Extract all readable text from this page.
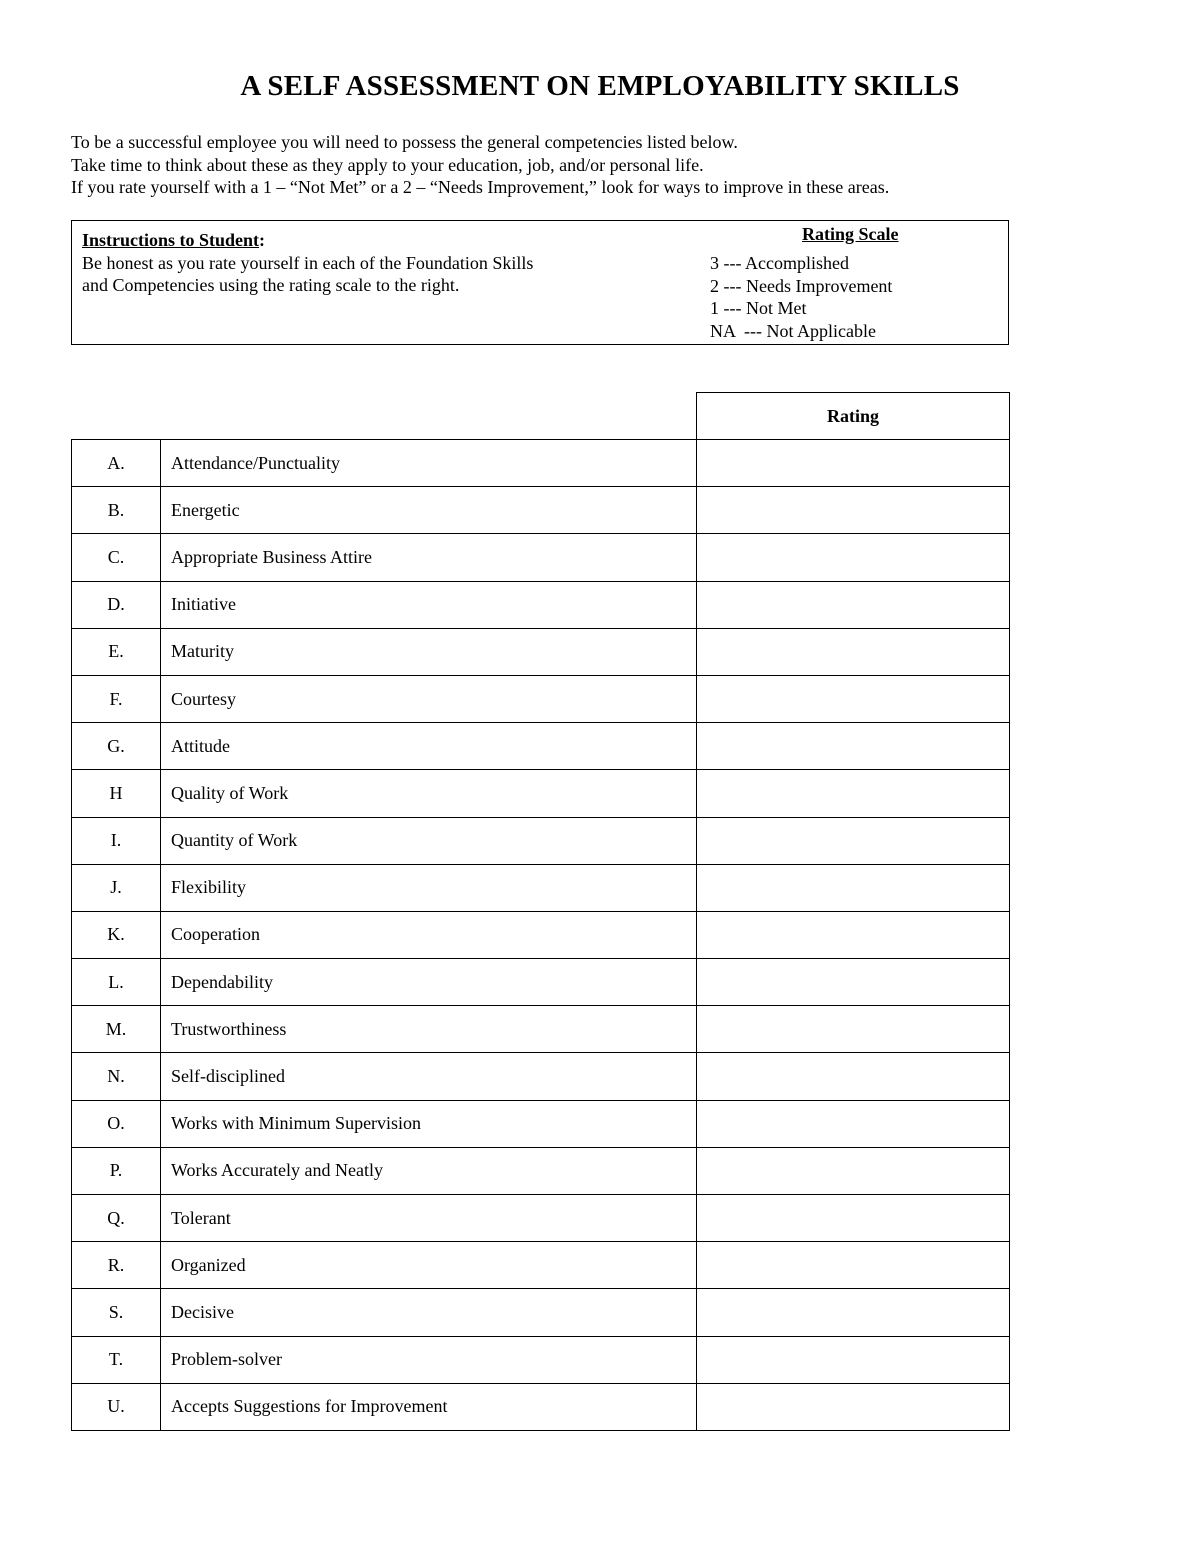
A SELF ASSESSMENT ON EMPLOYABILITY SKILLS
To be a successful employee you will need to possess the general competencies listed below.
Take time to think about these as they apply to your education, job, and/or personal life.
If you rate yourself with a 1 – “Not Met” or a 2 – “Needs Improvement,” look for ways to improve in these areas.
Instructions to Student:
Be honest as you rate yourself in each of the Foundation Skills
and Competencies using the rating scale to the right.
Rating Scale
3 --- Accomplished
2 --- Needs Improvement
1 --- Not Met
NA  --- Not Applicable
		Rating
A.	Attendance/Punctuality	
B.	Energetic	
C.	Appropriate Business Attire	
D.	Initiative	
E.	Maturity	
F.	Courtesy	
G.	Attitude	
H	Quality of Work	
I.	Quantity of Work	
J.	Flexibility	
K.	Cooperation	
L.	Dependability	
M.	Trustworthiness	
N.	Self-disciplined	
O.	Works with Minimum Supervision	
P.	Works Accurately and Neatly	
Q.	Tolerant	
R.	Organized	
S.	Decisive	
T.	Problem-solver	
U.	Accepts Suggestions for Improvement	
